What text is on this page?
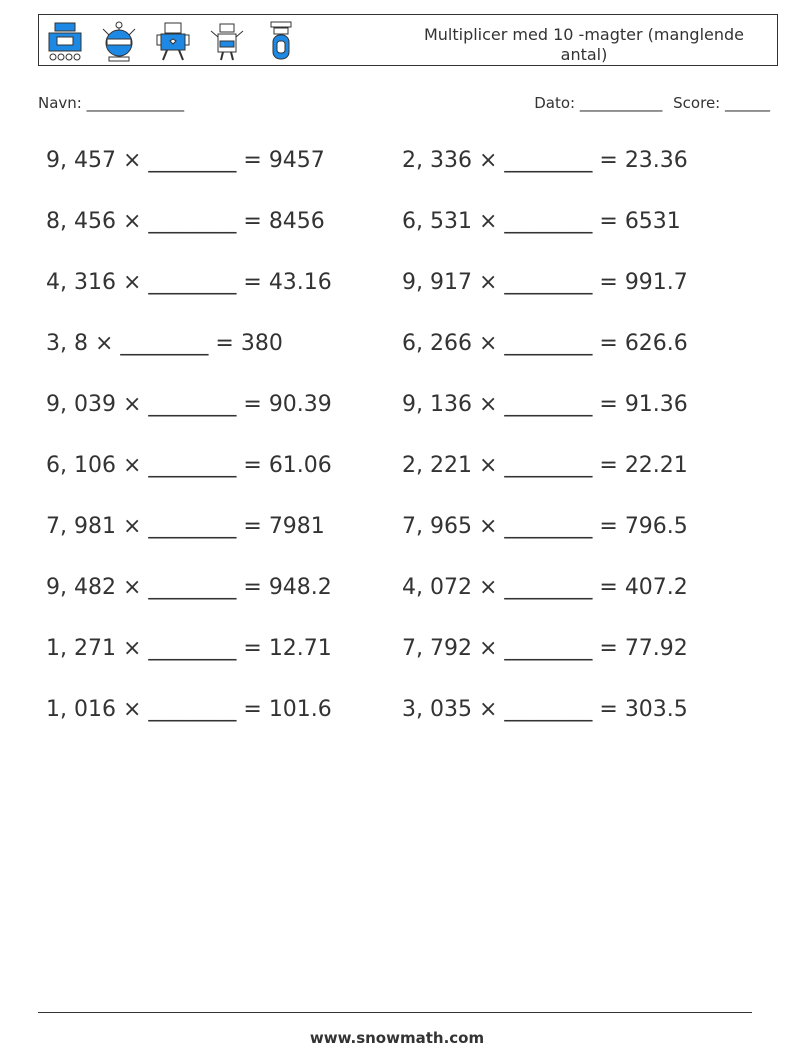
Multiplicer med 10 -magter (manglende antal)
Navn: _____________	Dato: ___________ Score: ______
9, 457 × ________ = 9457
8, 456 × ________ = 8456
4, 316 × ________ = 43.16
3, 8 × ________ = 380
9, 039 × ________ = 90.39
6, 106 × ________ = 61.06
7, 981 × ________ = 7981
9, 482 × ________ = 948.2
1, 271 × ________ = 12.71
1, 016 × ________ = 101.6
2, 336 × ________ = 23.36
6, 531 × ________ = 6531
9, 917 × ________ = 991.7
6, 266 × ________ = 626.6
9, 136 × ________ = 91.36
2, 221 × ________ = 22.21
7, 965 × ________ = 796.5
4, 072 × ________ = 407.2
7, 792 × ________ = 77.92
3, 035 × ________ = 303.5
www.snowmath.com
